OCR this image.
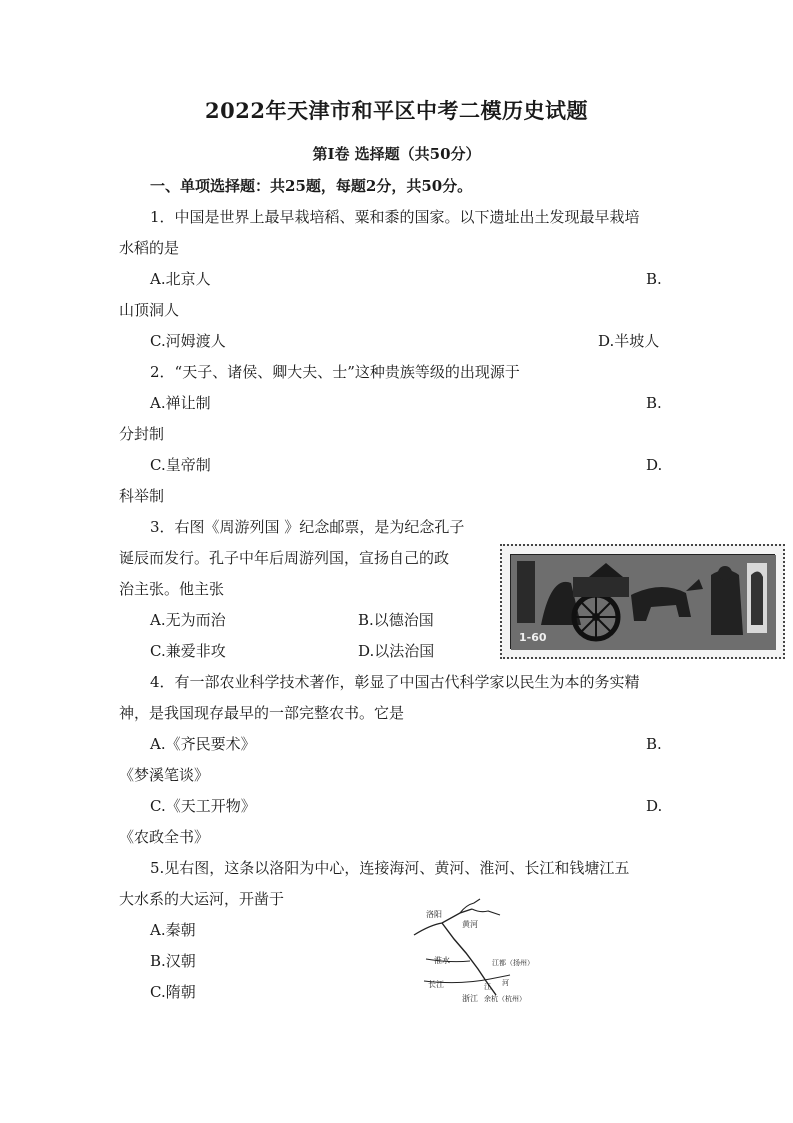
2022年天津市和平区中考二模历史试题
第Ⅰ卷 选择题（共50分）
一、单项选择题：共25题，每题2分，共50分。
1．中国是世界上最早栽培稻、粟和黍的国家。以下遗址出土发现最早栽培
水稻的是
A.北京人	B.
山顶洞人
C.河姆渡人	D.半坡人
2．“天子、诸侯、卿大夫、士”这种贵族等级的出现源于
A.禅让制	B.
分封制
C.皇帝制	D.
科举制
3．右图《周游列国 》纪念邮票，是为纪念孔子
诞辰而发行。孔子中年后周游列国，宣扬自己的政
治主张。他主张
A.无为而治	B.以德治国
C.兼爱非攻	D.以法治国
1-60
4．有一部农业科学技术著作，彰显了中国古代科学家以民生为本的务实精
神，是我国现存最早的一部完整农书。它是
A.《齐民要术》	B.
《梦溪笔谈》
C.《天工开物》	D.
《农政全书》
5.见右图，这条以洛阳为中心，连接海河、黄河、淮河、长江和钱塘江五
大水系的大运河，开凿于
A.秦朝
B.汉朝
C.隋朝
洛阳
黄河
淮水
长江
浙江
江都（扬州）
余杭（杭州）
江 河
